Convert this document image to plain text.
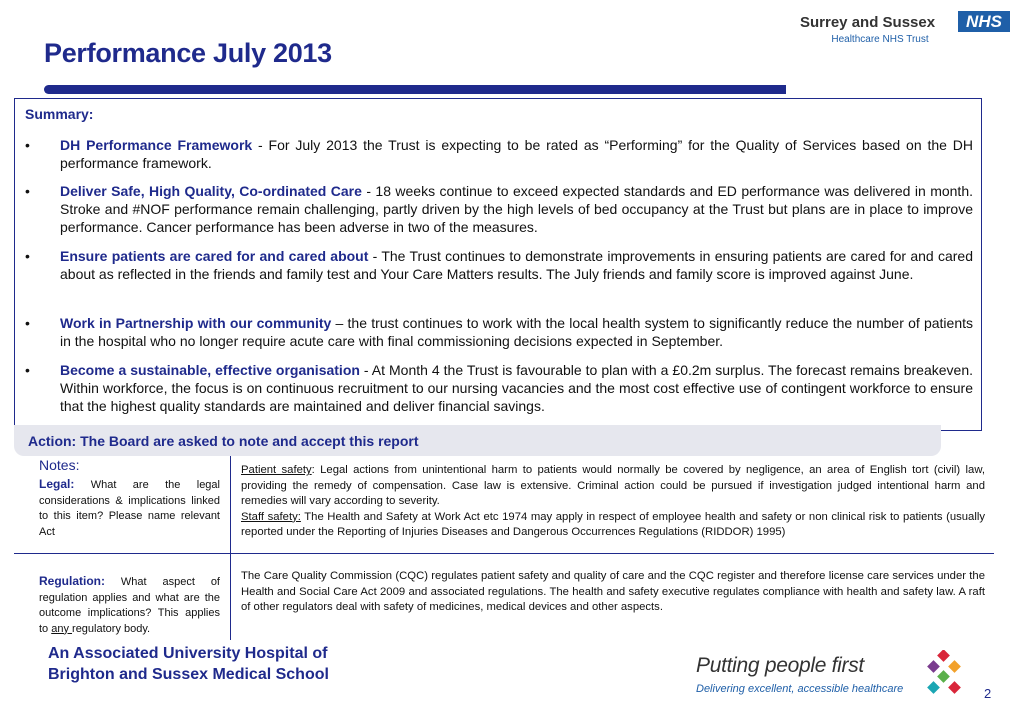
Performance July 2013
Surrey and Sussex
Healthcare NHS Trust
NHS
Summary:
• DH Performance Framework - For July 2013 the Trust is expecting to be rated as “Performing” for the Quality of Services based on the DH performance framework.
• Deliver Safe, High Quality, Co-ordinated Care - 18 weeks continue to exceed expected standards and ED performance was delivered in month. Stroke and #NOF performance remain challenging, partly driven by the high levels of bed occupancy at the Trust but plans are in place to improve performance. Cancer performance has been adverse in two of the measures.
• Ensure patients are cared for and cared about - The Trust continues to demonstrate improvements in ensuring patients are cared for and cared about as reflected in the friends and family test and Your Care Matters results. The July friends and family score is improved against June.
• Work in Partnership with our community – the trust continues to work with the local health system to significantly reduce the number of patients in the hospital who no longer require acute care with final commissioning decisions expected in September.
• Become a sustainable, effective organisation - At Month 4 the Trust is favourable to plan with a £0.2m surplus. The forecast remains breakeven. Within workforce, the focus is on continuous recruitment to our nursing vacancies and the most cost effective use of contingent workforce to ensure that the highest quality standards are maintained and deliver financial savings.
Action: The Board are asked to note and accept this report
Notes:
Legal: What are the legal considerations & implications linked to this item? Please name relevant Act
Patient safety: Legal actions from unintentional harm to patients would normally be covered by negligence, an area of English tort (civil) law, providing the remedy of compensation. Case law is extensive. Criminal action could be pursued if investigation judged intentional harm and remedies will vary according to severity.
Staff safety: The Health and Safety at Work Act etc 1974 may apply in respect of employee health and safety or non clinical risk to patients (usually reported under the Reporting of Injuries Diseases and Dangerous Occurrences Regulations (RIDDOR) 1995)
Regulation: What aspect of regulation applies and what are the outcome implications? This applies to any regulatory body.
The Care Quality Commission (CQC) regulates patient safety and quality of care and the CQC register and therefore license care services under the Health and Social Care Act 2009 and associated regulations. The health and safety executive regulates compliance with health and safety law. A raft of other regulators deal with safety of medicines, medical devices and other aspects.
An Associated University Hospital of
Brighton and Sussex Medical School	Putting people first
Delivering excellent, accessible healthcare	2
